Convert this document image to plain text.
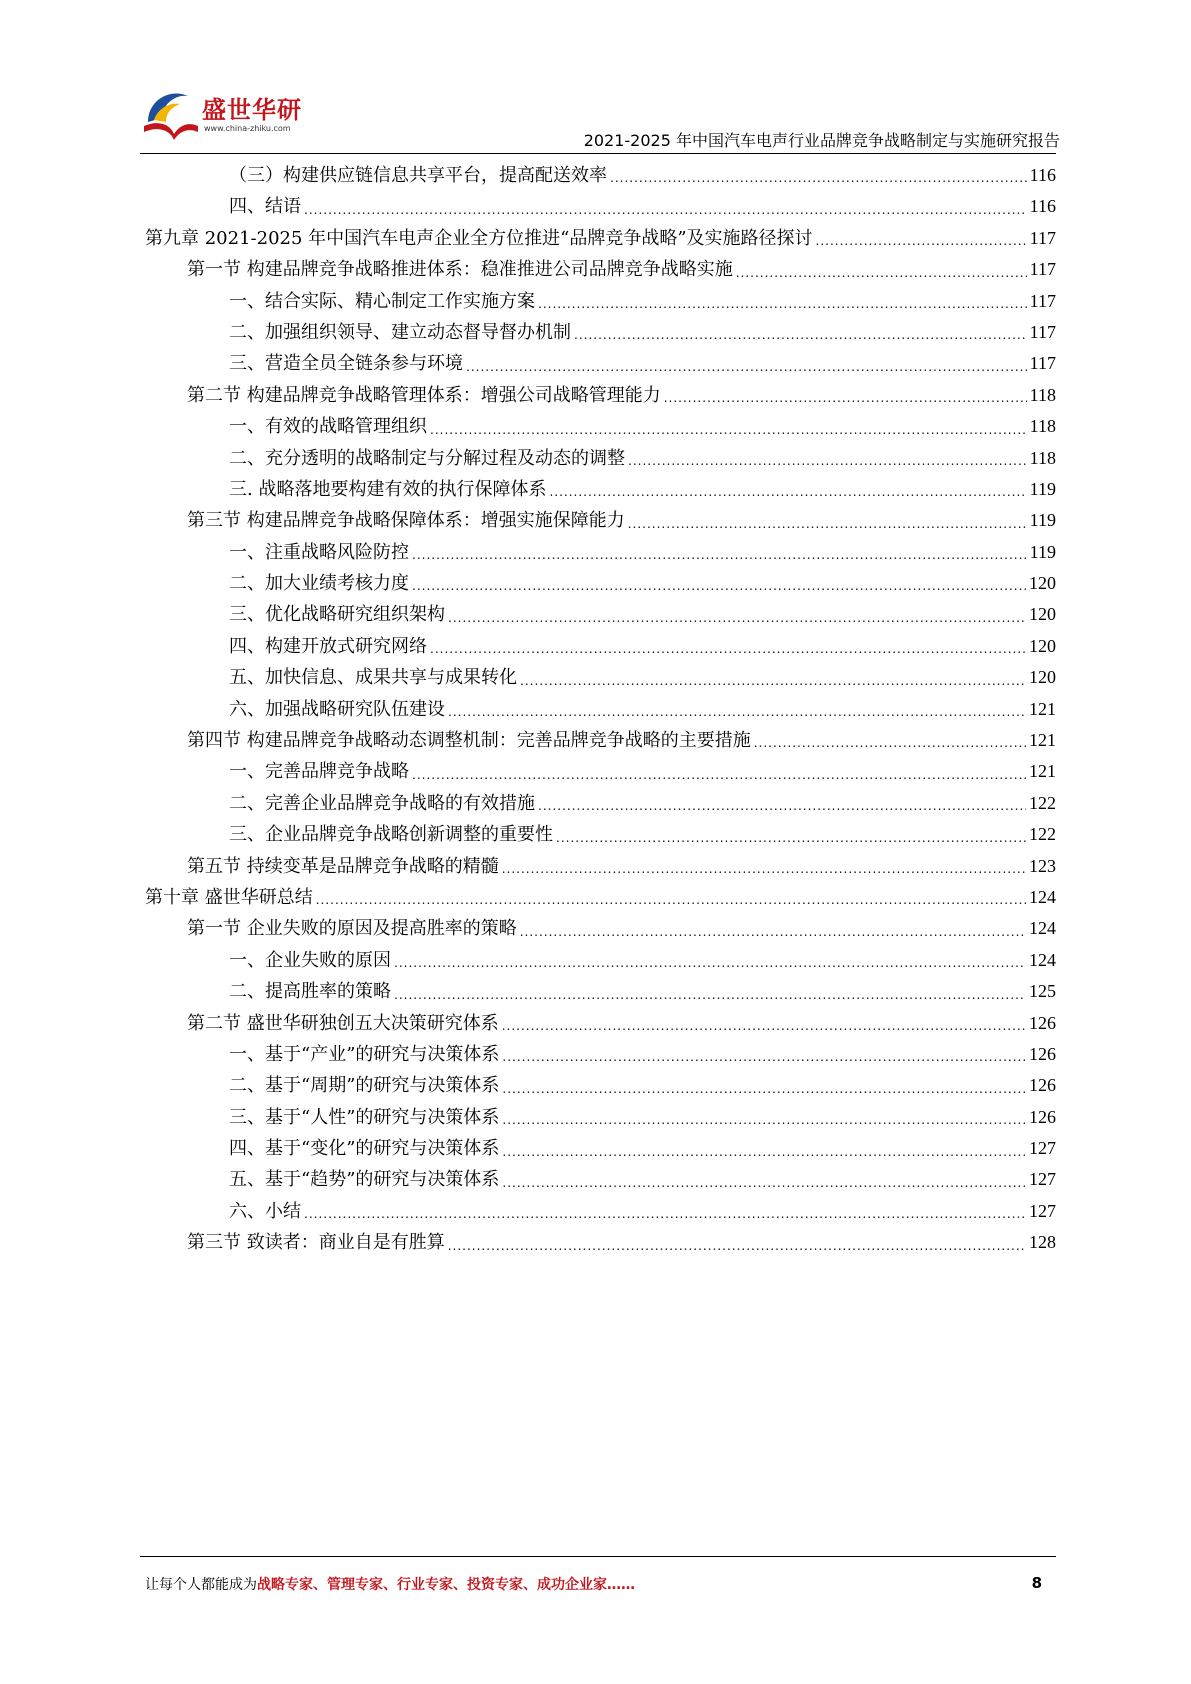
盛世华研
www.china-zhiku.com
2021-2025 年中国汽车电声行业品牌竞争战略制定与实施研究报告
（三）构建供应链信息共享平台，提高配送效率 .....	116
四、结语 .....	116
第九章 2021-2025 年中国汽车电声企业全方位推进“品牌竞争战略”及实施路径探讨 .....	117
第一节 构建品牌竞争战略推进体系：稳准推进公司品牌竞争战略实施 .....	117
一、结合实际、精心制定工作实施方案 .....	117
二、加强组织领导、建立动态督导督办机制 .....	117
三、营造全员全链条参与环境 .....	117
第二节 构建品牌竞争战略管理体系：增强公司战略管理能力 .....	118
一、有效的战略管理组织 .....	118
二、充分透明的战略制定与分解过程及动态的调整 .....	118
三. 战略落地要构建有效的执行保障体系 .....	119
第三节 构建品牌竞争战略保障体系：增强实施保障能力 .....	119
一、注重战略风险防控 .....	119
二、加大业绩考核力度 .....	120
三、优化战略研究组织架构 .....	120
四、构建开放式研究网络 .....	120
五、加快信息、成果共享与成果转化 .....	120
六、加强战略研究队伍建设 .....	121
第四节 构建品牌竞争战略动态调整机制：完善品牌竞争战略的主要措施 .....	121
一、完善品牌竞争战略 .....	121
二、完善企业品牌竞争战略的有效措施 .....	122
三、企业品牌竞争战略创新调整的重要性 .....	122
第五节 持续变革是品牌竞争战略的精髓 .....	123
第十章 盛世华研总结 .....	124
第一节 企业失败的原因及提高胜率的策略 .....	124
一、企业失败的原因 .....	124
二、提高胜率的策略 .....	125
第二节 盛世华研独创五大决策研究体系 .....	126
一、基于“产业”的研究与决策体系 .....	126
二、基于“周期”的研究与决策体系 .....	126
三、基于“人性”的研究与决策体系 .....	126
四、基于“变化”的研究与决策体系 .....	127
五、基于“趋势”的研究与决策体系 .....	127
六、小结 .....	127
第三节 致读者：商业自是有胜算 .....	128
让每个人都能成为战略专家、管理专家、行业专家、投资专家、成功企业家……	8
